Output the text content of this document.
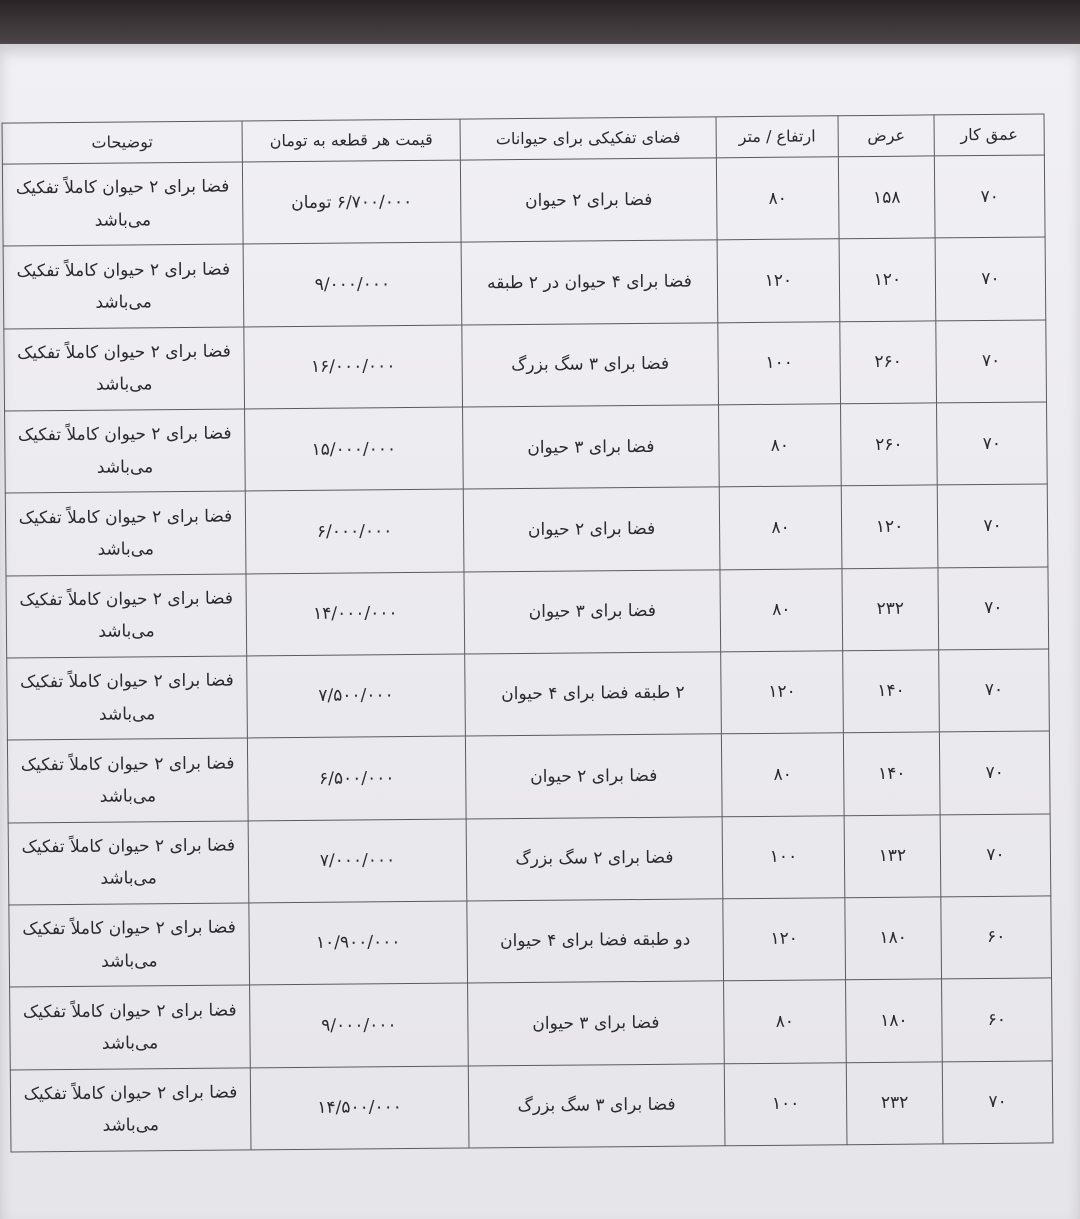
عمق کار	عرض	ارتفاع / متر	فضای تفکیکی برای حیوانات	قیمت هر قطعه به تومان	توضیحات
۷۰	۱۵۸	۸۰	فضا برای ۲ حیوان	۶/۷۰۰/۰۰۰ تومان	فضا برای ۲ حیوان کاملاً تفکیک می‌باشد
۷۰	۱۲۰	۱۲۰	فضا برای ۴ حیوان در ۲ طبقه	۹/۰۰۰/۰۰۰	فضا برای ۲ حیوان کاملاً تفکیک می‌باشد
۷۰	۲۶۰	۱۰۰	فضا برای ۳ سگ بزرگ	۱۶/۰۰۰/۰۰۰	فضا برای ۲ حیوان کاملاً تفکیک می‌باشد
۷۰	۲۶۰	۸۰	فضا برای ۳ حیوان	۱۵/۰۰۰/۰۰۰	فضا برای ۲ حیوان کاملاً تفکیک می‌باشد
۷۰	۱۲۰	۸۰	فضا برای ۲ حیوان	۶/۰۰۰/۰۰۰	فضا برای ۲ حیوان کاملاً تفکیک می‌باشد
۷۰	۲۳۲	۸۰	فضا برای ۳ حیوان	۱۴/۰۰۰/۰۰۰	فضا برای ۲ حیوان کاملاً تفکیک می‌باشد
۷۰	۱۴۰	۱۲۰	۲ طبقه فضا برای ۴ حیوان	۷/۵۰۰/۰۰۰	فضا برای ۲ حیوان کاملاً تفکیک می‌باشد
۷۰	۱۴۰	۸۰	فضا برای ۲ حیوان	۶/۵۰۰/۰۰۰	فضا برای ۲ حیوان کاملاً تفکیک می‌باشد
۷۰	۱۳۲	۱۰۰	فضا برای ۲ سگ بزرگ	۷/۰۰۰/۰۰۰	فضا برای ۲ حیوان کاملاً تفکیک می‌باشد
۶۰	۱۸۰	۱۲۰	دو طبقه فضا برای ۴ حیوان	۱۰/۹۰۰/۰۰۰	فضا برای ۲ حیوان کاملاً تفکیک می‌باشد
۶۰	۱۸۰	۸۰	فضا برای ۳ حیوان	۹/۰۰۰/۰۰۰	فضا برای ۲ حیوان کاملاً تفکیک می‌باشد
۷۰	۲۳۲	۱۰۰	فضا برای ۳ سگ بزرگ	۱۴/۵۰۰/۰۰۰	فضا برای ۲ حیوان کاملاً تفکیک می‌باشد
